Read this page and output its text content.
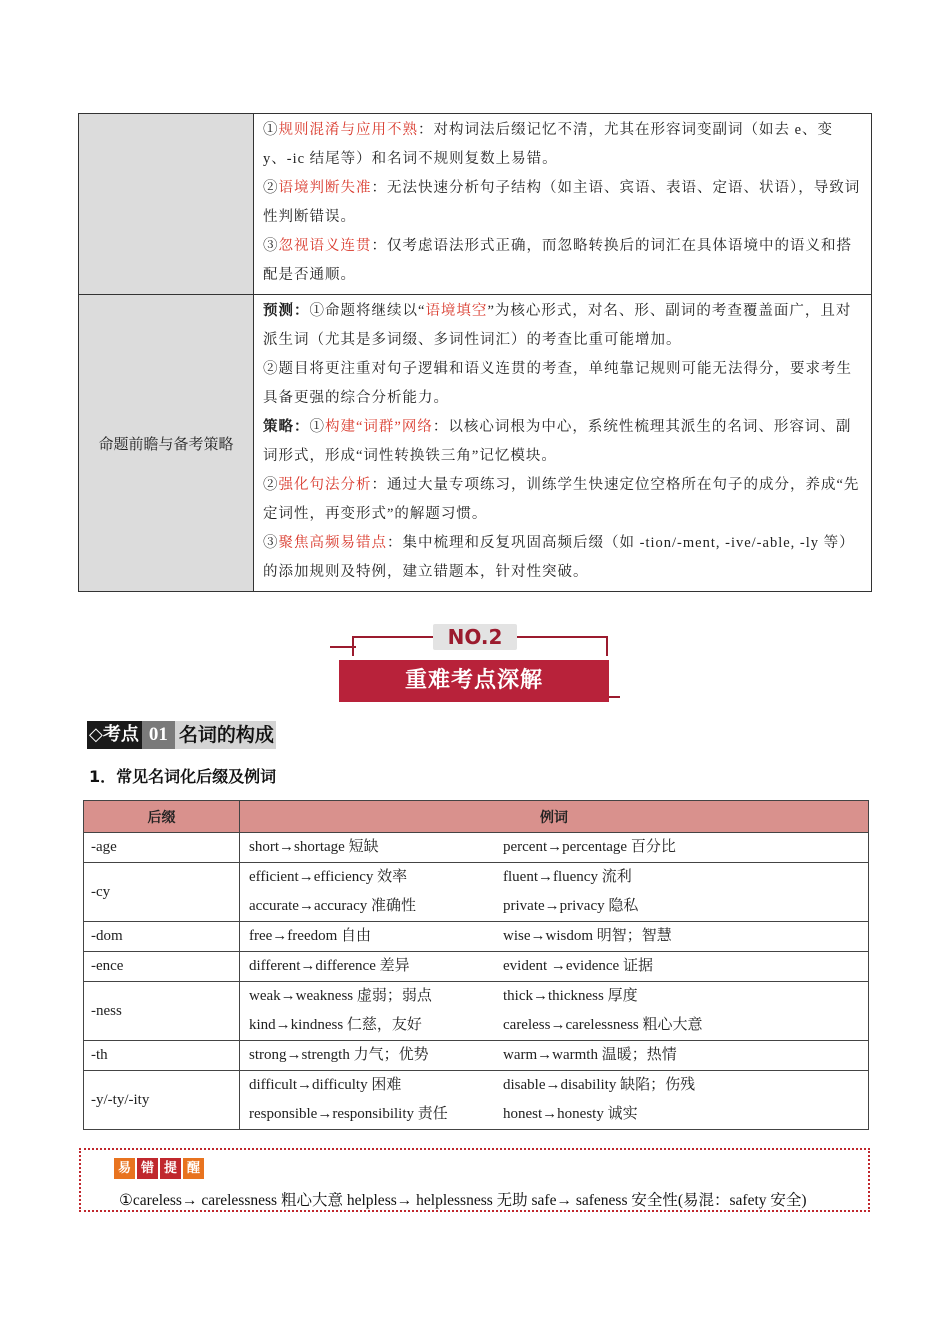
	①规则混淆与应用不熟：对构词法后缀记忆不清，尤其在形容词变副词（如去 e、变 y、-ic 结尾等）和名词不规则复数上易错。

②语境判断失准：无法快速分析句子结构（如主语、宾语、表语、定语、状语），导致词性判断错误。

③忽视语义连贯：仅考虑语法形式正确，而忽略转换后的词汇在具体语境中的语义和搭配是否通顺。

命题前瞻与备考策略	预测：①命题将继续以“语境填空”为核心形式，对名、形、副词的考查覆盖面广，且对派生词（尤其是多词缀、多词性词汇）的考查比重可能增加。

②题目将更注重对句子逻辑和语义连贯的考查，单纯靠记规则可能无法得分，要求考生具备更强的综合分析能力。

策略：①构建“词群”网络：以核心词根为中心，系统性梳理其派生的名词、形容词、副词形式，形成“词性转换铁三角”记忆模块。

②强化句法分析：通过大量专项练习，训练学生快速定位空格所在句子的成分，养成“先定词性，再变形式”的解题习惯。

③聚焦高频易错点：集中梳理和反复巩固高频后缀（如 -tion/-ment, -ive/-able, -ly 等）的添加规则及特例，建立错题本，针对性突破。

NO.2
重难考点深解
◇考点 01 名词的构成
1．常见名词化后缀及例词
后缀	例词
-age	short→shortage 短缺 percent→percentage 百分比

-cy	efficient→efficiency 效率 fluent→fluency 流利
accurate→accuracy 准确性 private→privacy 隐私

-dom	free→freedom 自由 wise→wisdom 明智；智慧

-ence	different→difference 差异 evident →evidence 证据

-ness	weak→weakness 虚弱；弱点 thick→thickness 厚度
kind→kindness 仁慈，友好 careless→carelessness 粗心大意

-th	strong→strength 力气；优势 warm→warmth 温暖；热情

-y/-ty/-ity	difficult→difficulty 困难 disable→disability 缺陷；伤残
responsible→responsibility 责任 honest→honesty 诚实
易 错 提 醒
①careless→ carelessness 粗心大意 helpless→ helplessness 无助 safe→ safeness 安全性(易混：safety 安全)
